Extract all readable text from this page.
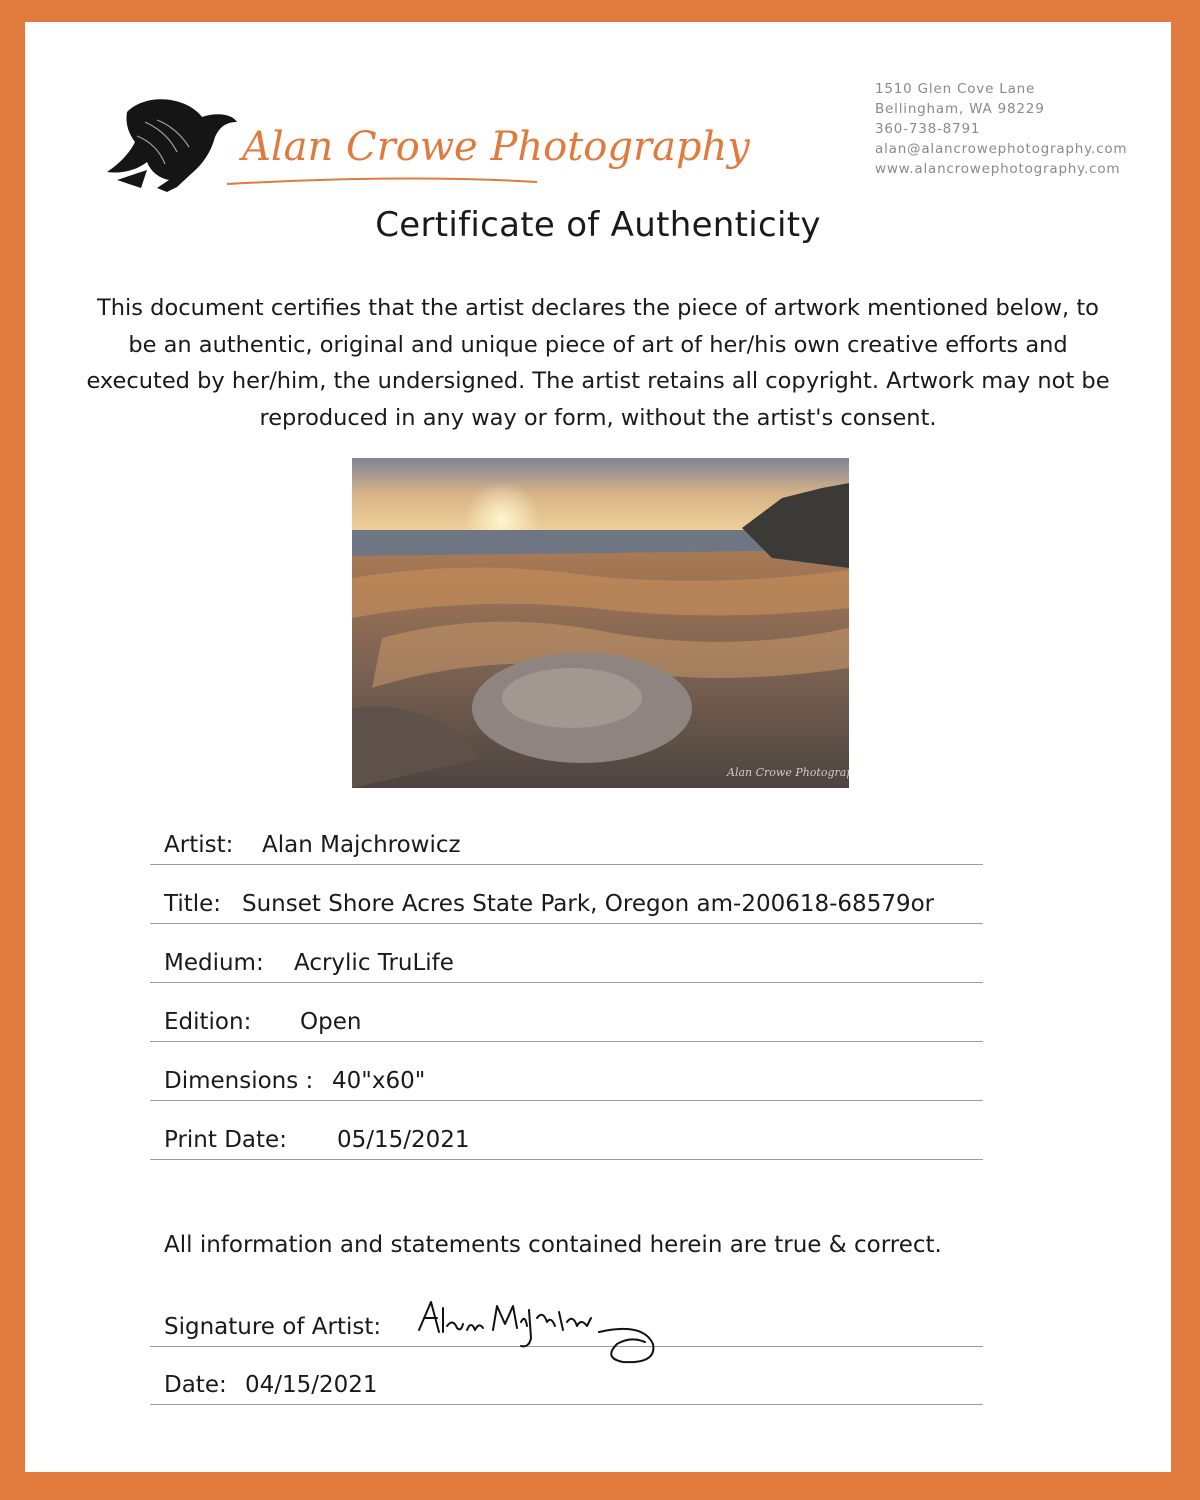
Alan Crowe Photography
1510 Glen Cove Lane
Bellingham, WA 98229
360-738-8791
alan@alancrowephotography.com
www.alancrowephotography.com
Certificate of Authenticity
This document certifies that the artist declares the piece of artwork mentioned below, to be an authentic, original and unique piece of art of her/his own creative efforts and executed by her/him, the undersigned. The artist retains all copyright. Artwork may not be reproduced in any way or form, without the artist's consent.
Alan Crowe Photography
Artist: Alan Majchrowicz
Title: Sunset Shore Acres State Park, Oregon am-200618-68579or
Medium: Acrylic TruLife
Edition: Open
Dimensions : 40"x60"
Print Date: 05/15/2021
All information and statements contained herein are true & correct.
Signature of Artist:
Date: 04/15/2021
